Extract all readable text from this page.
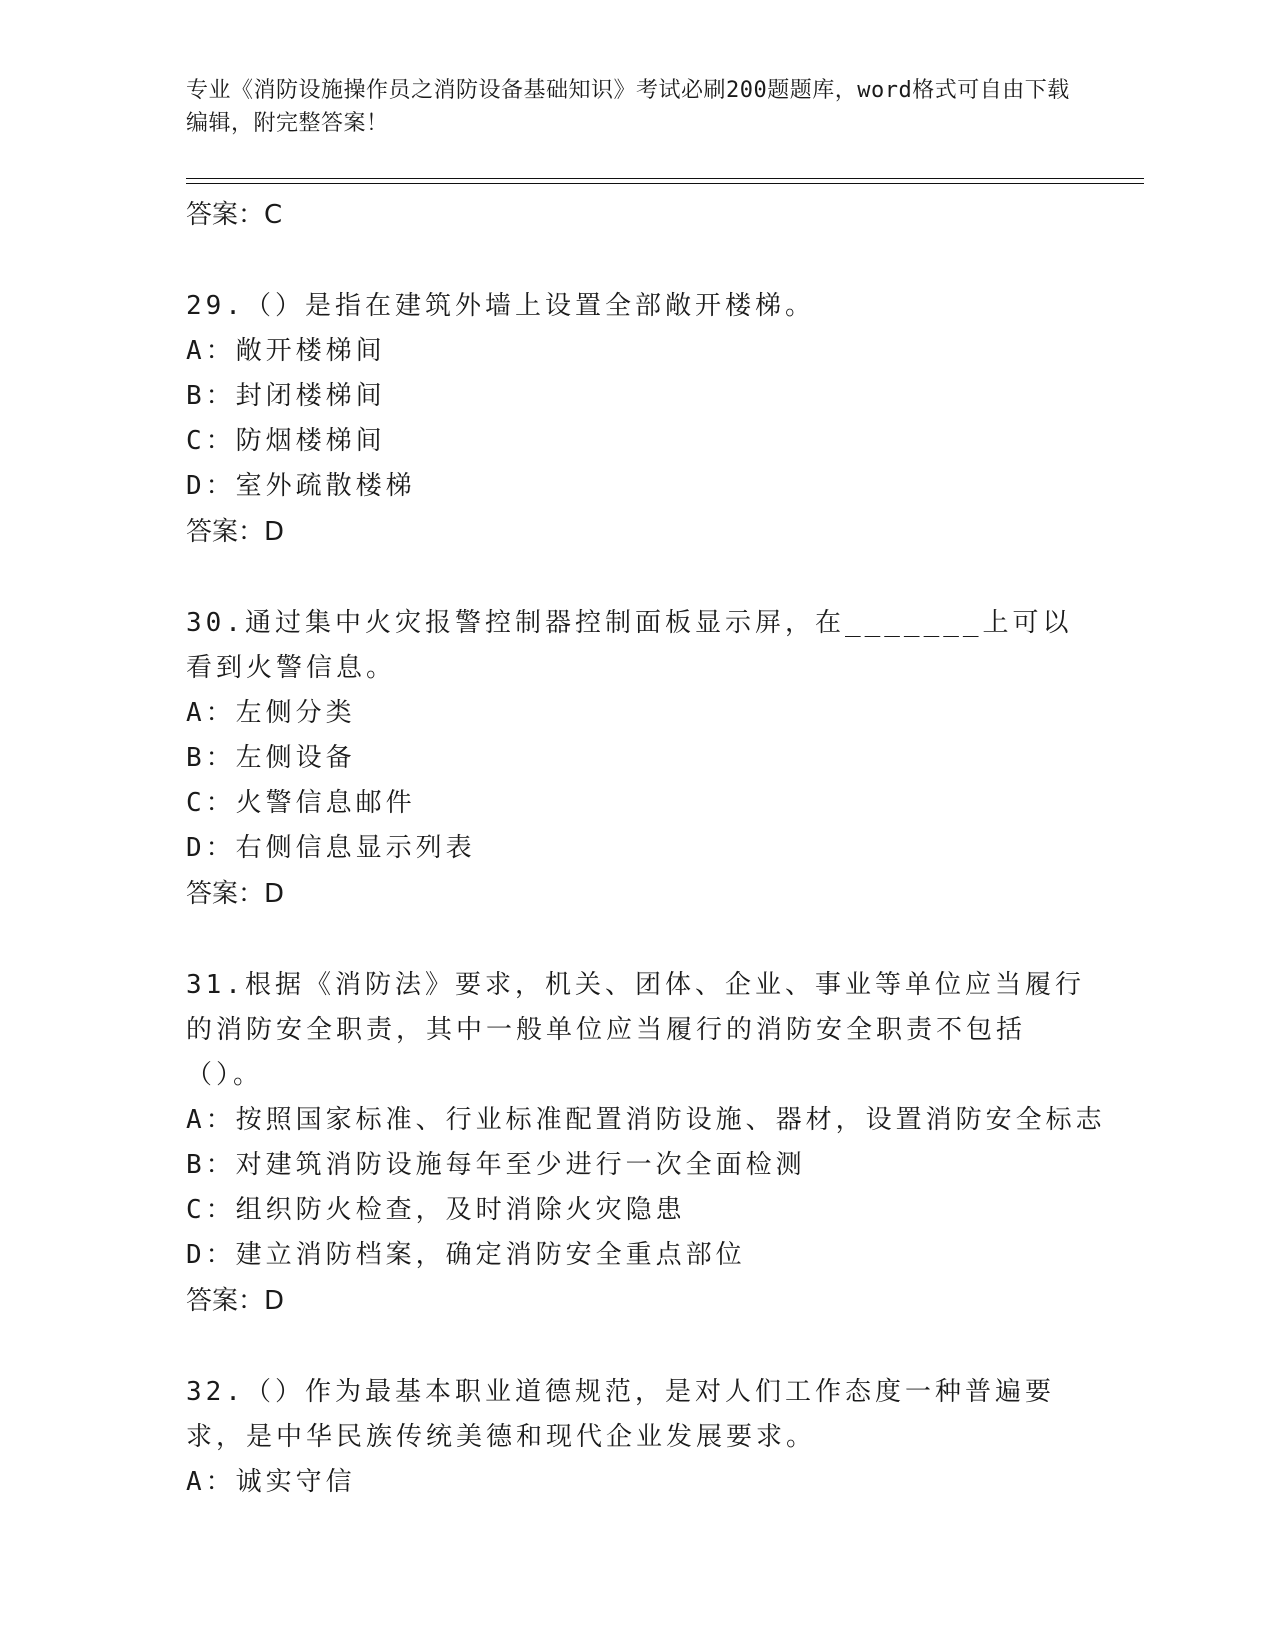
专业《消防设施操作员之消防设备基础知识》考试必刷200题题库，word格式可自由下载编辑，附完整答案！
答案：C
29.（）是指在建筑外墙上设置全部敞开楼梯。
A：敞开楼梯间
B：封闭楼梯间
C：防烟楼梯间
D：室外疏散楼梯
答案：D
30.通过集中火灾报警控制器控制面板显示屏，在_______上可以看到火警信息。
A：左侧分类
B：左侧设备
C：火警信息邮件
D：右侧信息显示列表
答案：D
31.根据《消防法》要求，机关、团体、企业、事业等单位应当履行的消防安全职责，其中一般单位应当履行的消防安全职责不包括（）。
A：按照国家标准、行业标准配置消防设施、器材，设置消防安全标志
B：对建筑消防设施每年至少进行一次全面检测
C：组织防火检查，及时消除火灾隐患
D：建立消防档案，确定消防安全重点部位
答案：D
32.（）作为最基本职业道德规范，是对人们工作态度一种普遍要求，是中华民族传统美德和现代企业发展要求。
A：诚实守信
